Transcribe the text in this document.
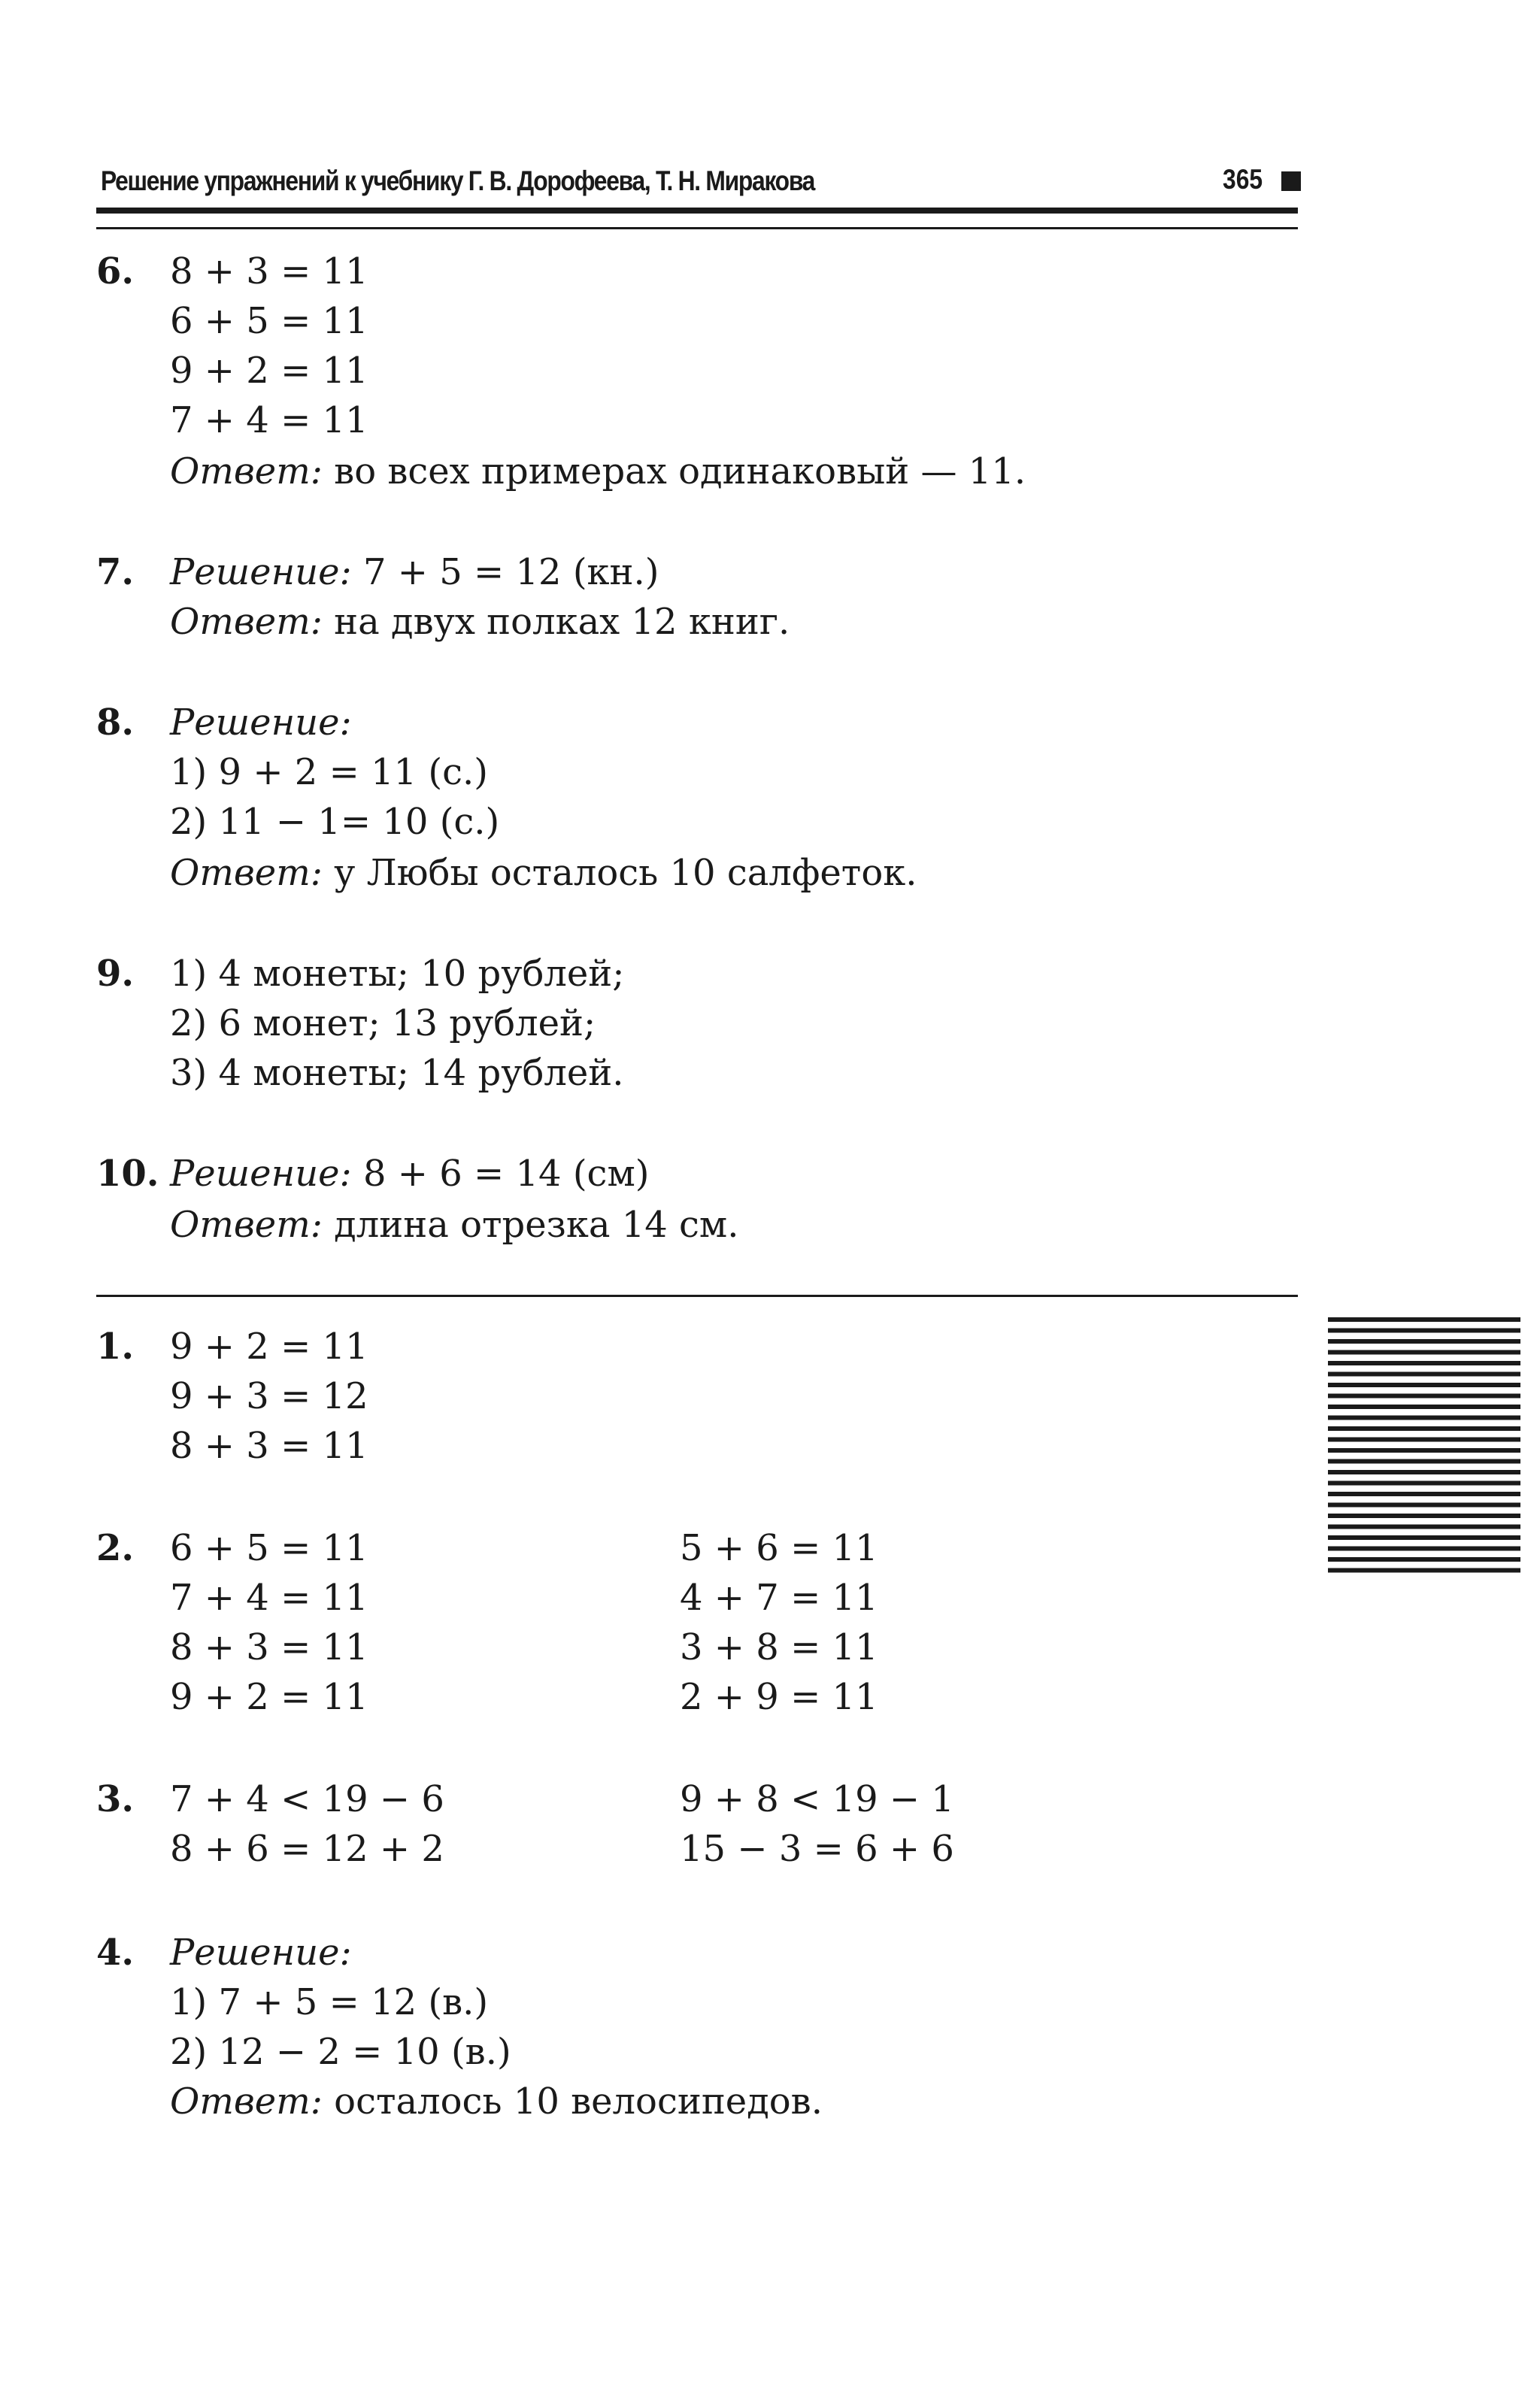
Решение упражнений к учебнику Г. В. Дорофеева, Т. Н. Миракова	365
6. 8 + 3 = 11
6 + 5 = 11
9 + 2 = 11
7 + 4 = 11
Ответ: во всех примерах одинаковый — 11.
7. Решение: 7 + 5 = 12 (кн.)
Ответ: на двух полках 12 книг.
8. Решение:
1) 9 + 2 = 11 (с.)
2) 11 − 1= 10 (с.)
Ответ: у Любы осталось 10 салфеток.
9. 1) 4 монеты; 10 рублей;
2) 6 монет; 13 рублей;
3) 4 монеты; 14 рублей.
10. Решение: 8 + 6 = 14 (см)
Ответ: длина отрезка 14 см.
1. 9 + 2 = 11
9 + 3 = 12
8 + 3 = 11
2. 6 + 5 = 11
7 + 4 = 11
8 + 3 = 11
9 + 2 = 11
5 + 6 = 11
4 + 7 = 11
3 + 8 = 11
2 + 9 = 11
3. 7 + 4 < 19 − 6
8 + 6 = 12 + 2
9 + 8 < 19 − 1
15 − 3 = 6 + 6
4. Решение:
1) 7 + 5 = 12 (в.)
2) 12 − 2 = 10 (в.)
Ответ: осталось 10 велосипедов.
